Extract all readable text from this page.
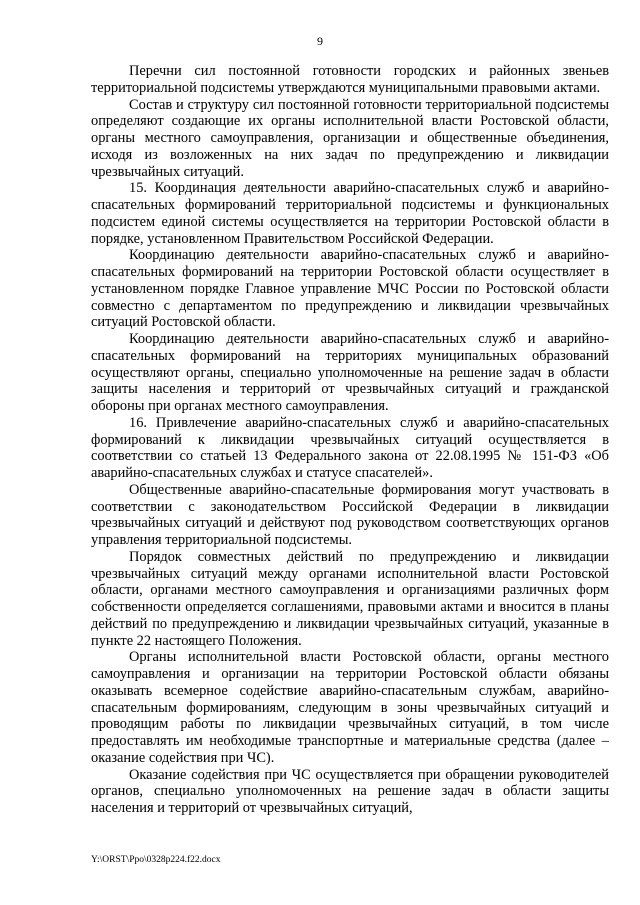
9

Перечни сил постоянной готовности городских и районных звеньев территориальной подсистемы утверждаются муниципальными правовыми актами.

Состав и структуру сил постоянной готовности территориальной подсистемы определяют создающие их органы исполнительной власти Ростовской области, органы местного самоуправления, организации и общественные объединения, исходя из возложенных на них задач по предупреждению и ликвидации чрезвычайных ситуаций.

15. Координация деятельности аварийно-спасательных служб и аварийно-спасательных формирований территориальной подсистемы и функциональных подсистем единой системы осуществляется на территории Ростовской области в порядке, установленном Правительством Российской Федерации.

Координацию деятельности аварийно-спасательных служб и аварийно-спасательных формирований на территории Ростовской области осуществляет в установленном порядке Главное управление МЧС России по Ростовской области совместно с департаментом по предупреждению и ликвидации чрезвычайных ситуаций Ростовской области.

Координацию деятельности аварийно-спасательных служб и аварийно-спасательных формирований на территориях муниципальных образований осуществляют органы, специально уполномоченные на решение задач в области защиты населения и территорий от чрезвычайных ситуаций и гражданской обороны при органах местного самоуправления.

16. Привлечение аварийно-спасательных служб и аварийно-спасательных формирований к ликвидации чрезвычайных ситуаций осуществляется в соответствии со статьей 13 Федерального закона от 22.08.1995 № 151-ФЗ «Об аварийно-спасательных службах и статусе спасателей».

Общественные аварийно-спасательные формирования могут участвовать в соответствии с законодательством Российской Федерации в ликвидации чрезвычайных ситуаций и действуют под руководством соответствующих органов управления территориальной подсистемы.

Порядок совместных действий по предупреждению и ликвидации чрезвычайных ситуаций между органами исполнительной власти Ростовской области, органами местного самоуправления и организациями различных форм собственности определяется соглашениями, правовыми актами и вносится в планы действий по предупреждению и ликвидации чрезвычайных ситуаций, указанные в пункте 22 настоящего Положения.

Органы исполнительной власти Ростовской области, органы местного самоуправления и организации на территории Ростовской области обязаны оказывать всемерное содействие аварийно-спасательным службам, аварийно-спасательным формированиям, следующим в зоны чрезвычайных ситуаций и проводящим работы по ликвидации чрезвычайных ситуаций, в том числе предоставлять им необходимые транспортные и материальные средства (далее – оказание содействия при ЧС).

Оказание содействия при ЧС осуществляется при обращении руководителей органов, специально уполномоченных на решение задач в области защиты населения и территорий от чрезвычайных ситуаций,

Y:\ORST\Ppo\0328p224.f22.docx
